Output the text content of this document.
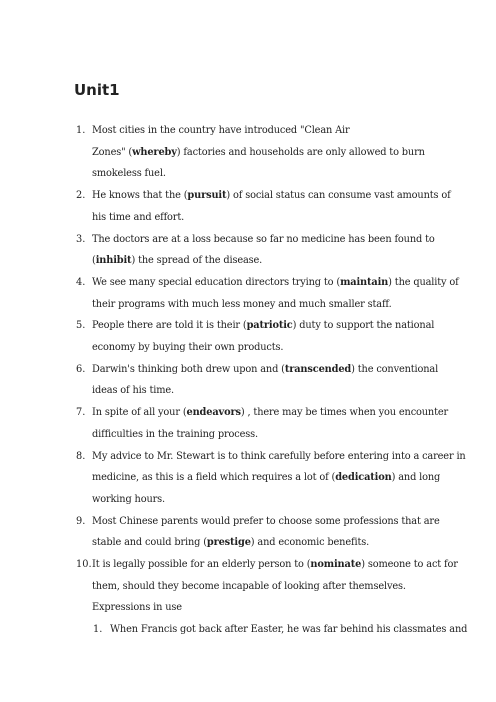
Unit1
1. Most cities in the country have introduced "Clean Air
Zones" (whereby) factories and households are only allowed to burn
smokeless fuel.
2. He knows that the (pursuit) of social status can consume vast amounts of
his time and effort.
3. The doctors are at a loss because so far no medicine has been found to
(inhibit) the spread of the disease.
4. We see many special education directors trying to (maintain) the quality of
their programs with much less money and much smaller staff.
5. People there are told it is their (patriotic) duty to support the national
economy by buying their own products.
6. Darwin's thinking both drew upon and (transcended) the conventional
ideas of his time.
7. In spite of all your (endeavors) , there may be times when you encounter
difficulties in the training process.
8. My advice to Mr. Stewart is to think carefully before entering into a career in
medicine, as this is a field which requires a lot of (dedication) and long
working hours.
9. Most Chinese parents would prefer to choose some professions that are
stable and could bring (prestige) and economic benefits.
10. It is legally possible for an elderly person to (nominate) someone to act for
them, should they become incapable of looking after themselves.
Expressions in use
1. When Francis got back after Easter, he was far behind his classmates and
